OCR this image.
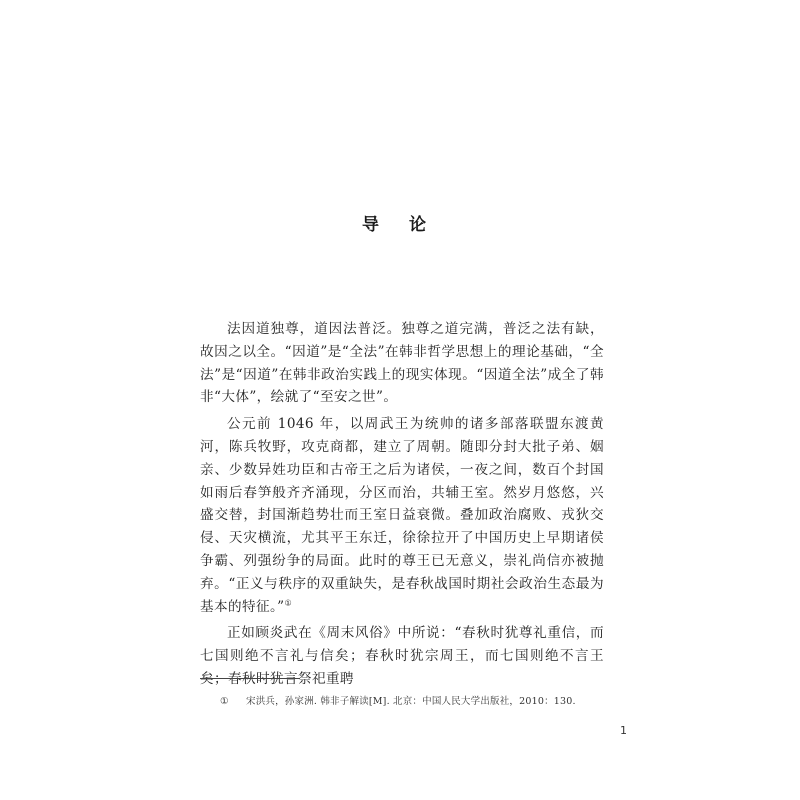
导 论

法因道独尊，道因法普泛。独尊之道完满，普泛之法有缺，故因之以全。“因道”是“全法”在韩非哲学思想上的理论基础，“全法”是“因道”在韩非政治实践上的现实体现。“因道全法”成全了韩非“大体”，绘就了“至安之世”。

公元前 1046 年，以周武王为统帅的诸多部落联盟东渡黄河，陈兵牧野，攻克商都，建立了周朝。随即分封大批子弟、姻亲、少数异姓功臣和古帝王之后为诸侯，一夜之间，数百个封国如雨后春笋般齐齐涌现，分区而治，共辅王室。然岁月悠悠，兴盛交替，封国渐趋势壮而王室日益衰微。叠加政治腐败、戎狄交侵、天灾横流，尤其平王东迁，徐徐拉开了中国历史上早期诸侯争霸、列强纷争的局面。此时的尊王已无意义，崇礼尚信亦被抛弃。“正义与秩序的双重缺失，是春秋战国时期社会政治生态最为基本的特征。”①

正如顾炎武在《周末风俗》中所说：“春秋时犹尊礼重信，而七国则绝不言礼与信矣；春秋时犹宗周王，而七国则绝不言王矣；春秋时犹言祭祀重聘

① 宋洪兵，孙家洲. 韩非子解读[M]. 北京：中国人民大学出版社，2010：130.
1
